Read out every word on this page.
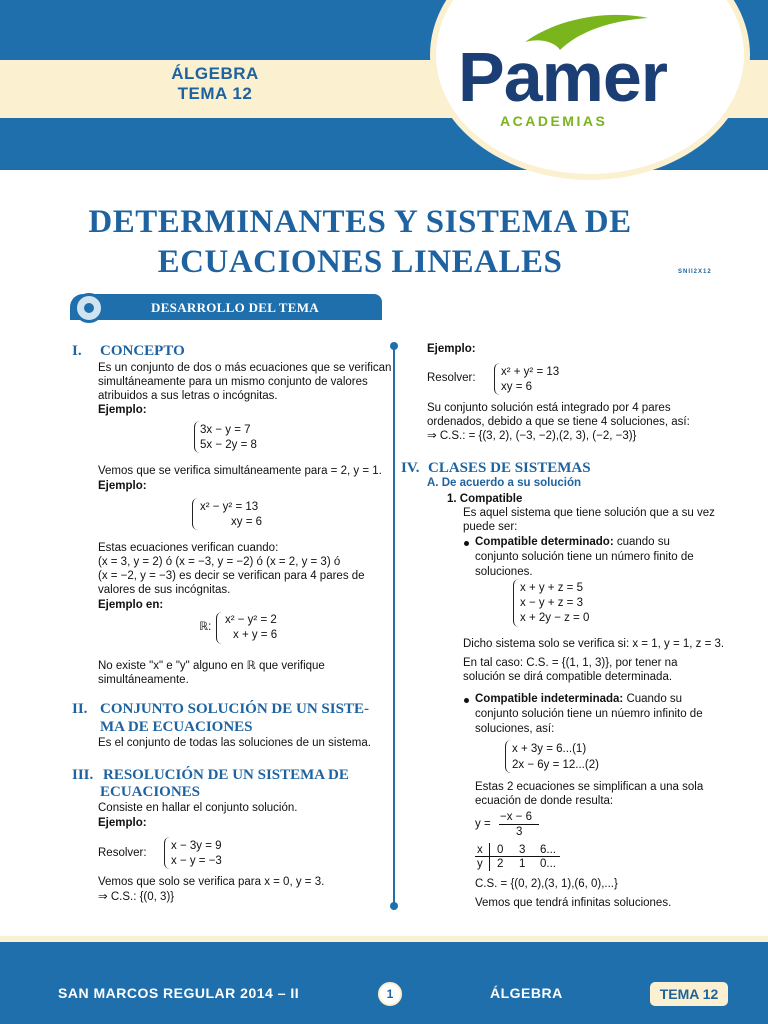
ÁLGEBRA
TEMA 12	Pamer
ACADEMIAS
DETERMINANTES Y SISTEMA DE
ECUACIONES LINEALES	SNII2X12
DESARROLLO DEL TEMA
I. CONCEPTO
Es un conjunto de dos o más ecuaciones que se verifican
simultáneamente para un mismo conjunto de valores
atribuidos a sus letras o incógnitas.
Ejemplo:
3x − y = 7
5x − 2y = 8
Vemos que se verifica simultáneamente para = 2, y = 1.
Ejemplo:
x² − y² = 13
xy = 6
Estas ecuaciones verifican cuando:
(x = 3, y = 2) ó (x = −3, y = −2) ó (x = 2, y = 3) ó
(x = −2, y = −3) es decir se verifican para 4 pares de
valores de sus incógnitas.
Ejemplo en:
ℝ:
x² − y² = 2
x + y = 6
No existe "x" e "y" alguno en ℝ que verifique
simultáneamente.
II. CONJUNTO SOLUCIÓN DE UN SISTE-
MA DE ECUACIONES
Es el conjunto de todas las soluciones de un sistema.
III. RESOLUCIÓN DE UN SISTEMA DE
ECUACIONES
Consiste en hallar el conjunto solución.
Ejemplo:
Resolver:
x − 3y = 9
x − y = −3
Vemos que solo se verifica para x = 0, y = 3.
⇒ C.S.: {(0, 3)}
Ejemplo:
Resolver: x² + y² = 13
xy = 6
Su conjunto solución está integrado por 4 pares
ordenados, debido a que se tiene 4 soluciones, así:
⇒ C.S.: = {(3, 2), (−3, −2),(2, 3), (−2, −3)}
IV. CLASES DE SISTEMAS
A. De acuerdo a su solución
1. Compatible
Es aquel sistema que tiene solución que a su vez
puede ser:
Compatible determinado: cuando su
conjunto solución tiene un número finito de
soluciones.
x + y + z = 5
x − y + z = 3
x + 2y − z = 0
Dicho sistema solo se verifica si: x = 1, y = 1, z = 3.
En tal caso: C.S. = {(1, 1, 3)}, por tener na
solución se dirá compatible determinada.
Compatible indeterminada: Cuando su
conjunto solución tiene un núemro infinito de
soluciones, así:
x + 3y = 6...(1)
2x − 6y = 12...(2)
Estas 2 ecuaciones se simplifican a una sola
ecuación de donde resulta:
y =
−x − 6
3
x 0 3 6...
y 2 1 0...
C.S. = {(0, 2),(3, 1),(6, 0),...}
Vemos que tendrá infinitas soluciones.
SAN MARCOS REGULAR 2014 – II	1	ÁLGEBRA	TEMA 12
